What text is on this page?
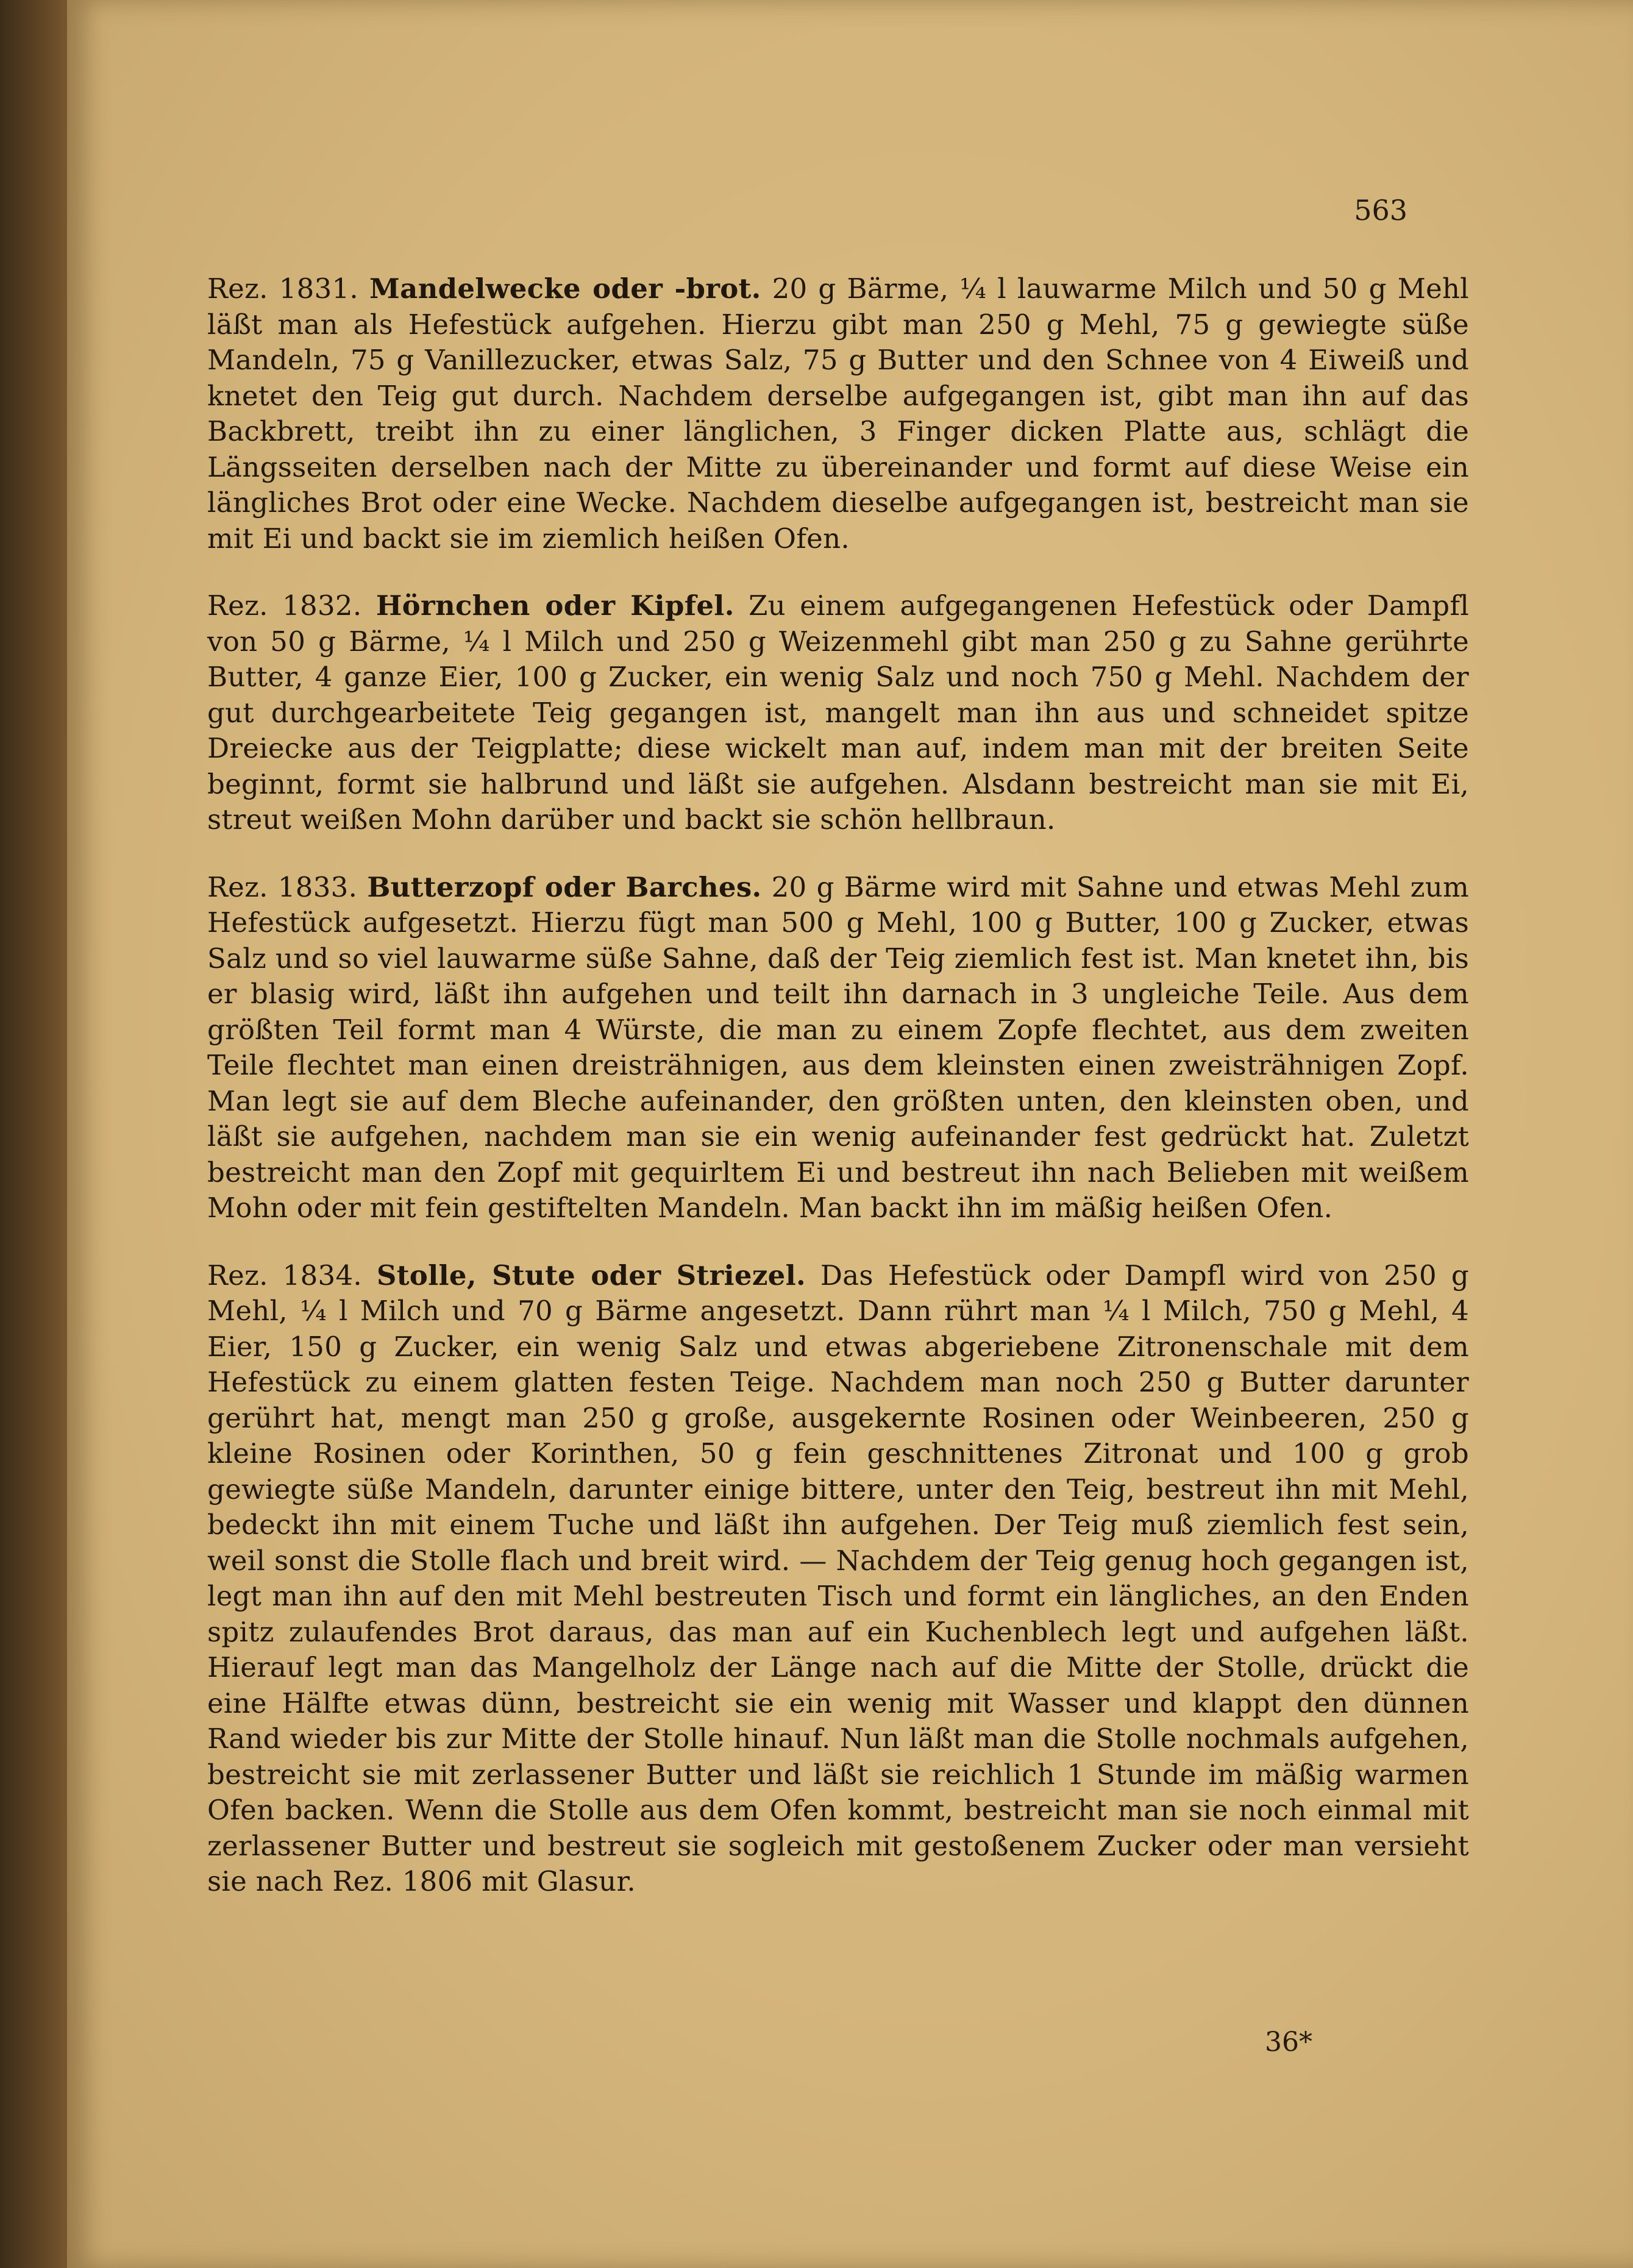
563

Rez. 1831. Mandelwecke oder -brot. 20 g Bärme, ¼ l lauwarme Milch und 50 g Mehl läßt man als Hefestück aufgehen. Hierzu gibt man 250 g Mehl, 75 g gewiegte süße Mandeln, 75 g Vanillezucker, etwas Salz, 75 g Butter und den Schnee von 4 Eiweiß und knetet den Teig gut durch. Nachdem derselbe aufgegangen ist, gibt man ihn auf das Backbrett, treibt ihn zu einer länglichen, 3 Finger dicken Platte aus, schlägt die Längsseiten derselben nach der Mitte zu übereinander und formt auf diese Weise ein längliches Brot oder eine Wecke. Nachdem dieselbe aufgegangen ist, bestreicht man sie mit Ei und backt sie im ziemlich heißen Ofen.

Rez. 1832. Hörnchen oder Kipfel. Zu einem aufgegangenen Hefestück oder Dampfl von 50 g Bärme, ¼ l Milch und 250 g Weizenmehl gibt man 250 g zu Sahne gerührte Butter, 4 ganze Eier, 100 g Zucker, ein wenig Salz und noch 750 g Mehl. Nachdem der gut durchgearbeitete Teig gegangen ist, mangelt man ihn aus und schneidet spitze Dreiecke aus der Teigplatte; diese wickelt man auf, indem man mit der breiten Seite beginnt, formt sie halbrund und läßt sie aufgehen. Alsdann bestreicht man sie mit Ei, streut weißen Mohn darüber und backt sie schön hellbraun.

Rez. 1833. Butterzopf oder Barches. 20 g Bärme wird mit Sahne und etwas Mehl zum Hefestück aufgesetzt. Hierzu fügt man 500 g Mehl, 100 g Butter, 100 g Zucker, etwas Salz und so viel lauwarme süße Sahne, daß der Teig ziemlich fest ist. Man knetet ihn, bis er blasig wird, läßt ihn aufgehen und teilt ihn darnach in 3 ungleiche Teile. Aus dem größten Teil formt man 4 Würste, die man zu einem Zopfe flechtet, aus dem zweiten Teile flechtet man einen dreisträhnigen, aus dem kleinsten einen zweisträhnigen Zopf. Man legt sie auf dem Bleche aufeinander, den größten unten, den kleinsten oben, und läßt sie aufgehen, nachdem man sie ein wenig aufeinander fest gedrückt hat. Zuletzt bestreicht man den Zopf mit gequirltem Ei und bestreut ihn nach Belieben mit weißem Mohn oder mit fein gestiftelten Mandeln. Man backt ihn im mäßig heißen Ofen.

Rez. 1834. Stolle, Stute oder Striezel. Das Hefestück oder Dampfl wird von 250 g Mehl, ¼ l Milch und 70 g Bärme angesetzt. Dann rührt man ¼ l Milch, 750 g Mehl, 4 Eier, 150 g Zucker, ein wenig Salz und etwas abgeriebene Zitronenschale mit dem Hefestück zu einem glatten festen Teige. Nachdem man noch 250 g Butter darunter gerührt hat, mengt man 250 g große, ausgekernte Rosinen oder Weinbeeren, 250 g kleine Rosinen oder Korinthen, 50 g fein geschnittenes Zitronat und 100 g grob gewiegte süße Mandeln, darunter einige bittere, unter den Teig, bestreut ihn mit Mehl, bedeckt ihn mit einem Tuche und läßt ihn aufgehen. Der Teig muß ziemlich fest sein, weil sonst die Stolle flach und breit wird. — Nachdem der Teig genug hoch gegangen ist, legt man ihn auf den mit Mehl bestreuten Tisch und formt ein längliches, an den Enden spitz zulaufendes Brot daraus, das man auf ein Kuchenblech legt und aufgehen läßt. Hierauf legt man das Mangelholz der Länge nach auf die Mitte der Stolle, drückt die eine Hälfte etwas dünn, bestreicht sie ein wenig mit Wasser und klappt den dünnen Rand wieder bis zur Mitte der Stolle hinauf. Nun läßt man die Stolle nochmals aufgehen, bestreicht sie mit zerlassener Butter und läßt sie reichlich 1 Stunde im mäßig warmen Ofen backen. Wenn die Stolle aus dem Ofen kommt, bestreicht man sie noch einmal mit zerlassener Butter und bestreut sie sogleich mit gestoßenem Zucker oder man versieht sie nach Rez. 1806 mit Glasur.

36*
